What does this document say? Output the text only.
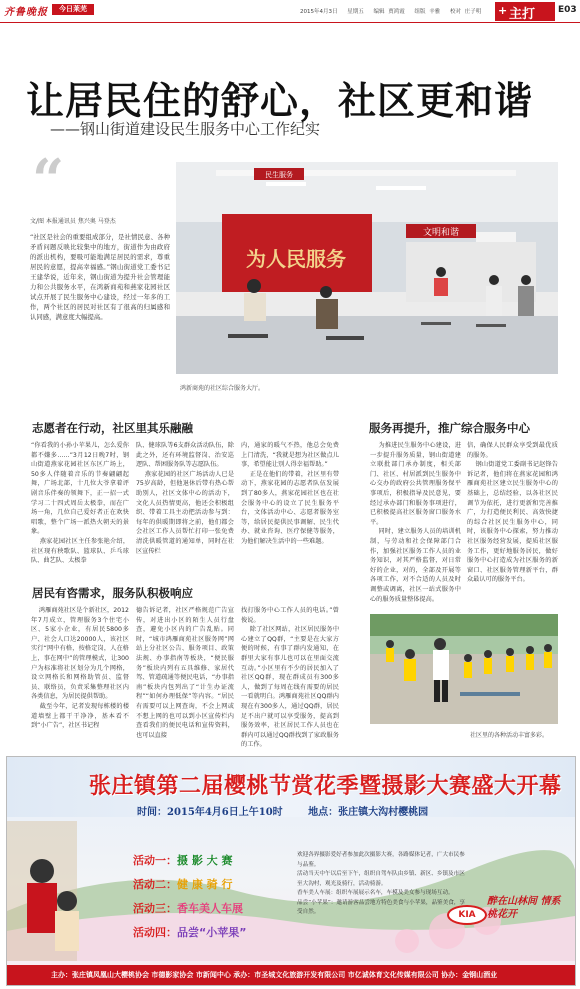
齐鲁晚报	今日莱芜	2015年4月3日 星期五 编辑 贾鸿霞 组版 辛雅 校对 庄子明 主打
+	E03
让居民住的舒心，社区更和谐
——钢山街道建设民生服务中心工作纪实
“
文/图 本报通讯员 焦兴奥 马登杰
“社区是社会的重要组成部分，是社情民意、各种矛盾问题反映比较集中的地方，街道作为由政府的派出机构，要吸可能地满足居民的需求，尊重居民的意愿，提高幸福感。”钢山街道党工委书记王建华说，近年来，钢山街道为提升社会管理能力和公共服务水平，在鸿新商苑和燕家花园社区试点开展了民生服务中心建设，经过一年多的工作，两个社区的居民对社区有了很高的归属感和认同感，满意度大幅提高。
为人民服务
文明和谐
民生服务
鸿新商苑的社区综合服务大厅。
志愿者在行动，社区里其乐融融
“你看我的小孙小苹果儿，怎么爱你都不嫌多……”3月12日晚7时，钢山街道燕家花园社区东区广场上，50多人伴随着音乐的节奏翩翩起舞，广场北部，十几位大爷拿着评剧音乐伴奏的领舞下，正一招一式学习二十四式周岳太极拳，而在广场一角，几位自己爱好者正在欢快唱歌，整个广场一派热火朝天的景象。
燕家花园社区主任参张艳介绍，社区现有秧歌队、篮球队、乒乓球队、曲艺队、太极拳
队、健球队等6支群众活动队伍，除此之外，还有环境监督岗、治安巡逻队、帮困服务队等志愿队伍。
燕家花园的社区广场活动人已是75岁高龄，但他退休后带有热心帮助别人，社区文体中心的活动下，文化人员热情更高，他还会积极组织、带着工具主动把活动参与到：每年的供暖期即将之前，他们都会会社区工作人员帮忙打印一张免费清洗供暖管道的通知单，同时在社区宣传栏
内，通家的暖气不热，他总会免费上门清洗，“我就是想为社区做点儿事，希望能让别人得幸福帮助。”
正是在他们的带着，社区里有带动下，燕家花园的志愿者队伍发展到了80多人，燕家花园社区也在社会服务中心的设立了民生服务平台，文体活动中心、志愿者服务室等，给居民提供民事调解、民生代办、就业咨询、医疗保健等服务，为他们解决生活中的一些难题。
服务再提升，推广综合服务中心
为推进民生服务中心建设，进一步提升服务质量，钢山街道建立联批部门承办制度，相关部门、社区、村居派到民生服务中心交办的政府公共管理服务保平事项后，积极指导及民意见，要经过承办部门和服务事项进行，已积极提高社区服务窗口服务水平。
同时，建立服务人员的培训机制，与劳动和社会保障部门合作，加强社区服务工作人员的业务知识，对其严格监督，对日常好的企业，对的，全部及开展等各项工作，对不合适的人员及时调整或调离，社区一站式服务中心的服务质量整体提高。
信，确保人民群众享受到最优质的服务。
钢山街道党工委副书记赵锋告诉记者，他们将在燕家花园和鸿雁商苑社区建立民生服务中心的基础上，总结经验，以各社区民调节为依托，进行更新和完善推广，力打造便民利民、高效快捷的综合社区民生服务中心，同时，该服务中心探索，努力推动社区服务经营发展，提质社区服务工作，更好地服务居民，做好服务中心打造成为社区服务的新窗口、社区服务管理新平台，群众最认可的服务平台。
居民有咨需求，服务队积极响应
鸿雁商苑社区是个新社区，2012年7月成立，管理服务3个住宅小区、5家小企业，有居民5800多户、社会人口达20000人，该社区实行“网中有格，按格定岗，人在格上，事在网中”的管理模式，让300户为标准将社区划分为几个网格，设立网格长和网格助管员、监督员、联络员，负责采集整理社区内各类信息，为居民提供帮助。
截至今年，记者发现每栋楼的楼道墙壁上都干干净净，基本看不到“小广告”，社区书记程
德告诉记者，社区严格规范广告宣传，对进出小区的陌生人员行盘查，避免小区内的广告乱贴。同时，“城市鸿雁商苑社区服务网”网站上分社区公告、服务项目、政策法规、办事指南等板块，“便民服务”板块内列有五具维修、家居代驾、管道疏通等便民电话，“办事指南”板块内包列出了“计生办证流程”“如何办理低保”等内容。“居民有需要可以上网查询，不会上网或不想上网的也可以到小区宣传栏内查看我们的便民电话和宣传资料，也可以直接
找打服务中心工作人员的电话。”曾俊说。
除了社区网站，社区居民服务中心建立了QQ群，“主要是在大家方便的时候，有事了群内发通知，在群里大家有事儿也可以在里面交流互动。”小区里有不少的居民加入了社区QQ群，现在群成员有300多人，做到了每周在线有需要的居民一看就明白。鸿雁商苑社区QQ群内现在有300多人，通过QQ群，居民足不出户就可以享受服务，提高到服务效率，社区居民工作人员也在群内可以通过QQ群找到了家政服务的工作。
社区里的各种活动丰富多彩。
张庄镇第二届樱桃节赏花季暨摄影大赛盛大开幕
时间：2015年4月6日上午10时	地点：张庄镇大沟村樱桃园
活动一：摄 影 大 赛
活动二：健 康 骑 行
活动三：香车美人车展
活动四：品尝“小苹果”
欢迎各界摄影爱好者参加此次摄影大赛，各路媒体记者，广大市民参与品鉴。
活动当天中午以后至下午，组织自驾车队由乡镇、新区、乡镇及市区至大沟村，观光及骑行，活动骑游。
香车美人车展：组织车展展示名车，车模及美女参与现场互动。
品尝“小苹果”：邀请游客品尝地方特色美食与小苹果，品鉴美食，享受自然。	KIA
醉在山林间 情系桃花开
主办：张庄镇凤凰山大樱桃协会 市德影家协会 市新闻中心 承办：市圣城文化旅游开发有限公司 市亿诚体育文化传媒有限公司 协办：金钢山酒业
